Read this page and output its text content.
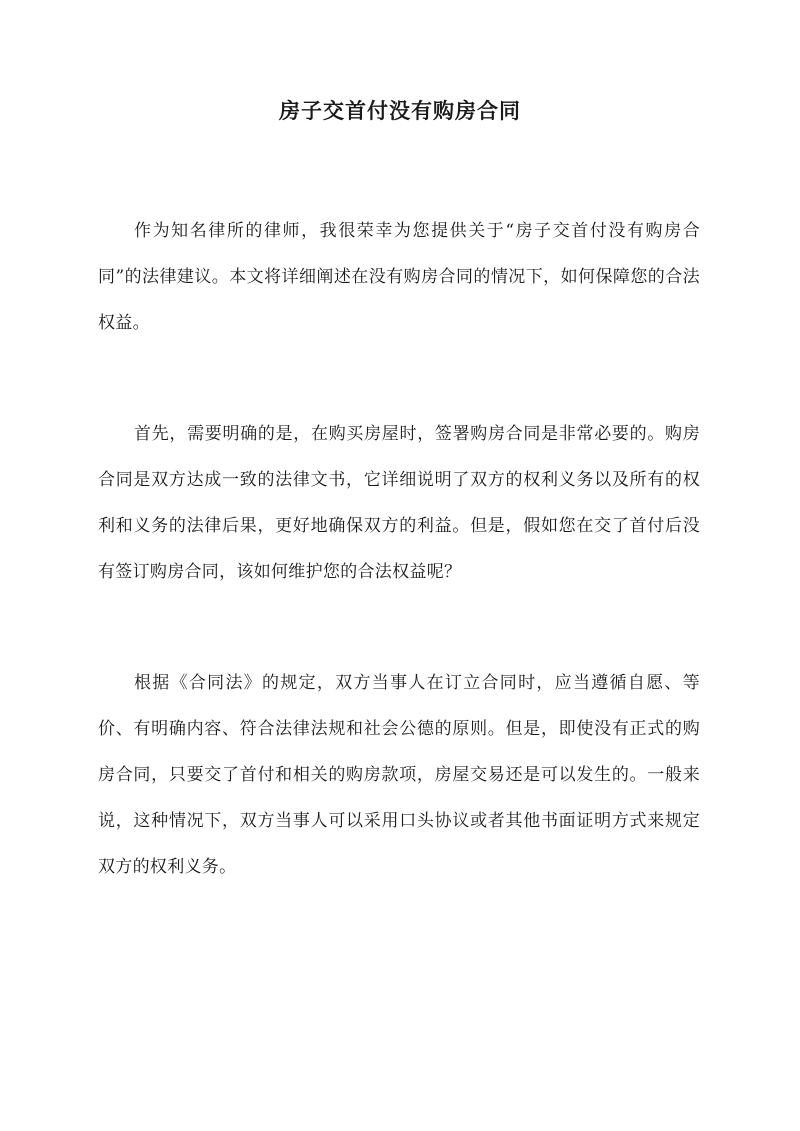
房子交首付没有购房合同

作为知名律所的律师，我很荣幸为您提供关于“房子交首付没有购房合同”的法律建议。本文将详细阐述在没有购房合同的情况下，如何保障您的合法权益。

首先，需要明确的是，在购买房屋时，签署购房合同是非常必要的。购房合同是双方达成一致的法律文书，它详细说明了双方的权利义务以及所有的权利和义务的法律后果，更好地确保双方的利益。但是，假如您在交了首付后没有签订购房合同，该如何维护您的合法权益呢？

根据《合同法》的规定，双方当事人在订立合同时，应当遵循自愿、等价、有明确内容、符合法律法规和社会公德的原则。但是，即使没有正式的购房合同，只要交了首付和相关的购房款项，房屋交易还是可以发生的。一般来说，这种情况下，双方当事人可以采用口头协议或者其他书面证明方式来规定双方的权利义务。
